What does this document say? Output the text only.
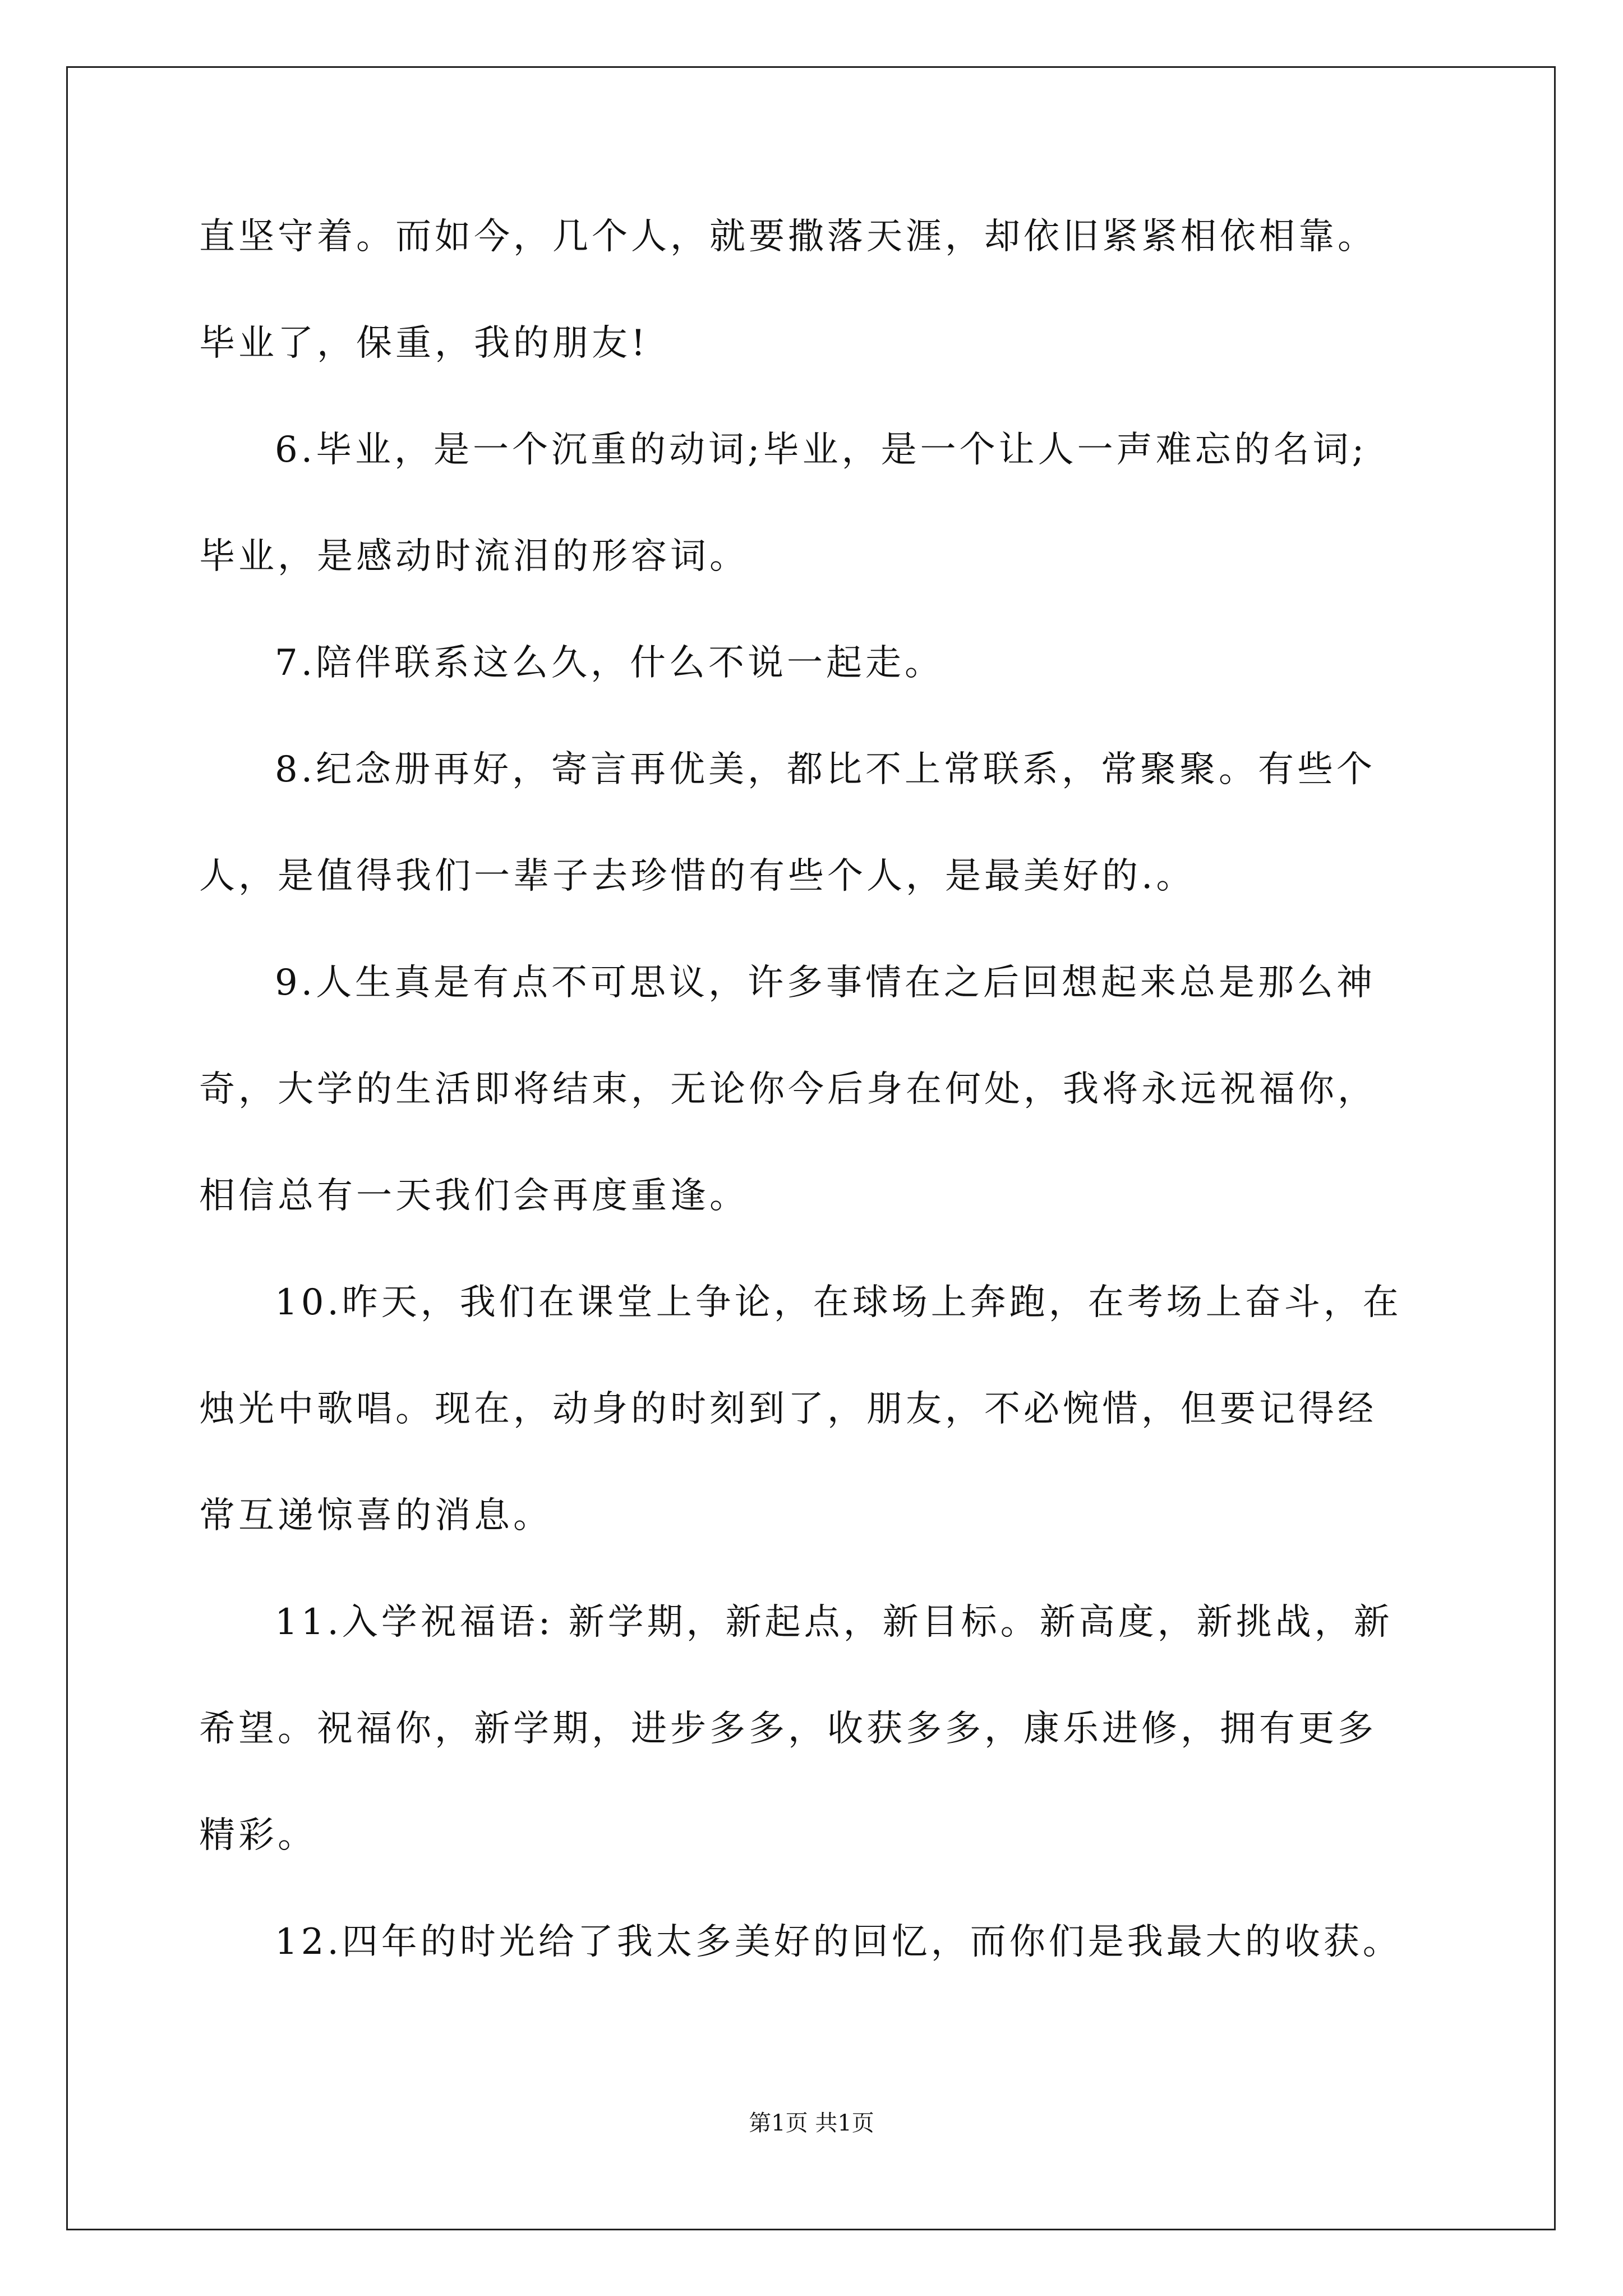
直坚守着。而如今，几个人，就要撒落天涯，却依旧紧紧相依相靠。
毕业了，保重，我的朋友!
6.毕业，是一个沉重的动词;毕业，是一个让人一声难忘的名词;
毕业，是感动时流泪的形容词。
7.陪伴联系这么久，什么不说一起走。
8.纪念册再好，寄言再优美，都比不上常联系，常聚聚。有些个
人，是值得我们一辈子去珍惜的有些个人，是最美好的.。
9.人生真是有点不可思议，许多事情在之后回想起来总是那么神
奇，大学的生活即将结束，无论你今后身在何处，我将永远祝福你，
相信总有一天我们会再度重逢。
10.昨天，我们在课堂上争论，在球场上奔跑，在考场上奋斗，在
烛光中歌唱。现在，动身的时刻到了，朋友，不必惋惜，但要记得经
常互递惊喜的消息。
11.入学祝福语: 新学期，新起点，新目标。新高度，新挑战，新
希望。祝福你，新学期，进步多多，收获多多，康乐进修，拥有更多
精彩。
12.四年的时光给了我太多美好的回忆，而你们是我最大的收获。
第1页 共1页
